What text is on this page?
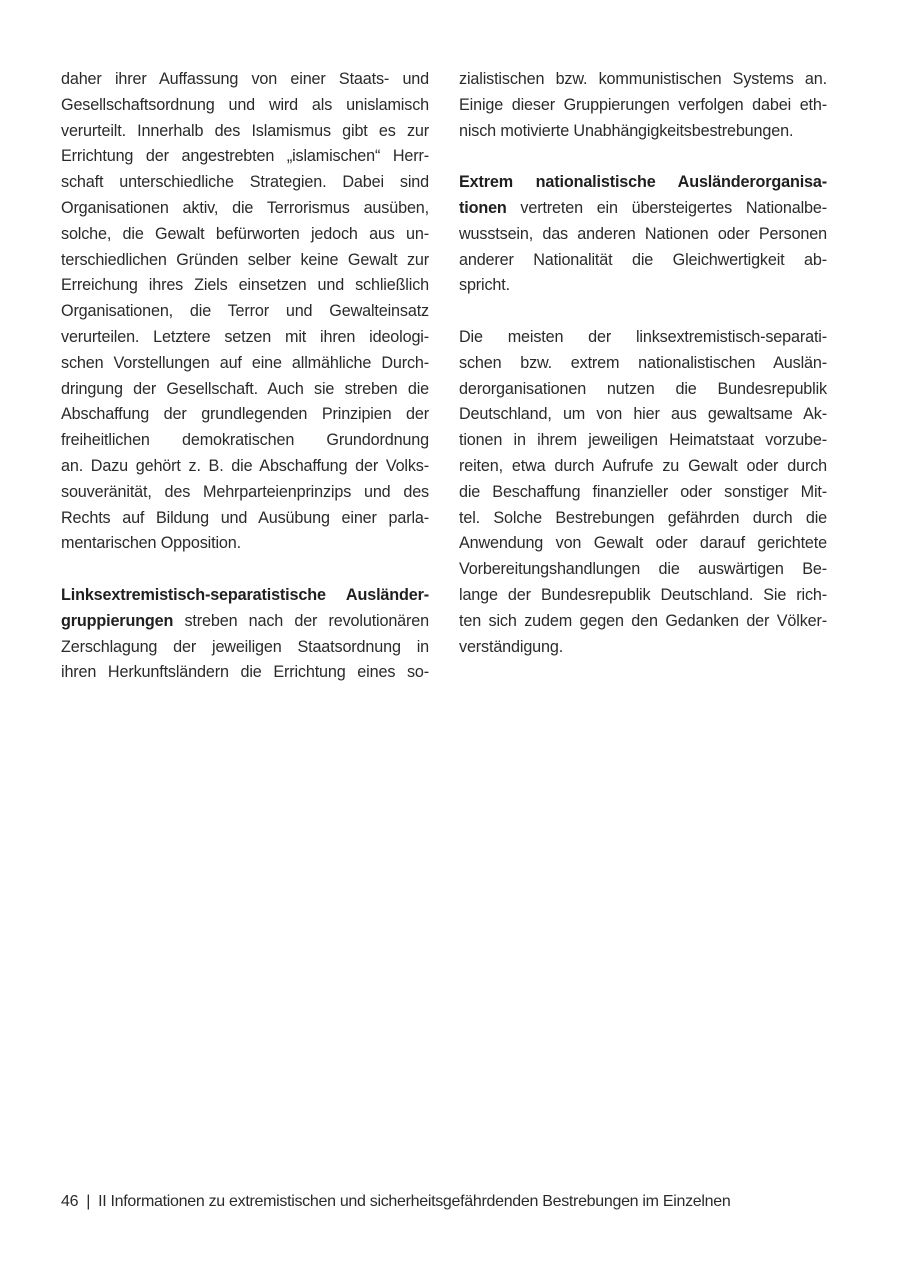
daher ihrer Auffassung von einer Staats- und
Gesellschaftsordnung und wird als unislamisch
verurteilt. Innerhalb des Islamismus gibt es zur
Errichtung der angestrebten „islamischen“ Herr-
schaft unterschiedliche Strategien. Dabei sind
Organisationen aktiv, die Terrorismus ausüben,
solche, die Gewalt befürworten jedoch aus un-
terschiedlichen Gründen selber keine Gewalt zur
Erreichung ihres Ziels einsetzen und schließlich
Organisationen, die Terror und Gewalteinsatz
verurteilen. Letztere setzen mit ihren ideologi-
schen Vorstellungen auf eine allmähliche Durch-
dringung der Gesellschaft. Auch sie streben die
Abschaffung der grundlegenden Prinzipien der
freiheitlichen demokratischen Grundordnung
an. Dazu gehört z. B. die Abschaffung der Volks-
souveränität, des Mehrparteienprinzips und des
Rechts auf Bildung und Ausübung einer parla-
mentarischen Opposition.
Linksextremistisch-separatistische Ausländer-
gruppierungen streben nach der revolutionären
Zerschlagung der jeweiligen Staatsordnung in
ihren Herkunftsländern die Errichtung eines so-
zialistischen bzw. kommunistischen Systems an.
Einige dieser Gruppierungen verfolgen dabei eth-
nisch motivierte Unabhängigkeitsbestrebungen.
Extrem nationalistische Ausländerorganisa-
tionen vertreten ein übersteigertes Nationalbe-
wusstsein, das anderen Nationen oder Personen
anderer Nationalität die Gleichwertigkeit ab-
spricht.
Die meisten der linksextremistisch-separati-
schen bzw. extrem nationalistischen Auslän-
derorganisationen nutzen die Bundesrepublik
Deutschland, um von hier aus gewaltsame Ak-
tionen in ihrem jeweiligen Heimatstaat vorzube-
reiten, etwa durch Aufrufe zu Gewalt oder durch
die Beschaffung finanzieller oder sonstiger Mit-
tel. Solche Bestrebungen gefährden durch die
Anwendung von Gewalt oder darauf gerichtete
Vorbereitungshandlungen die auswärtigen Be-
lange der Bundesrepublik Deutschland. Sie rich-
ten sich zudem gegen den Gedanken der Völker-
verständigung.
46 | II Informationen zu extremistischen und sicherheitsgefährdenden Bestrebungen im Einzelnen
